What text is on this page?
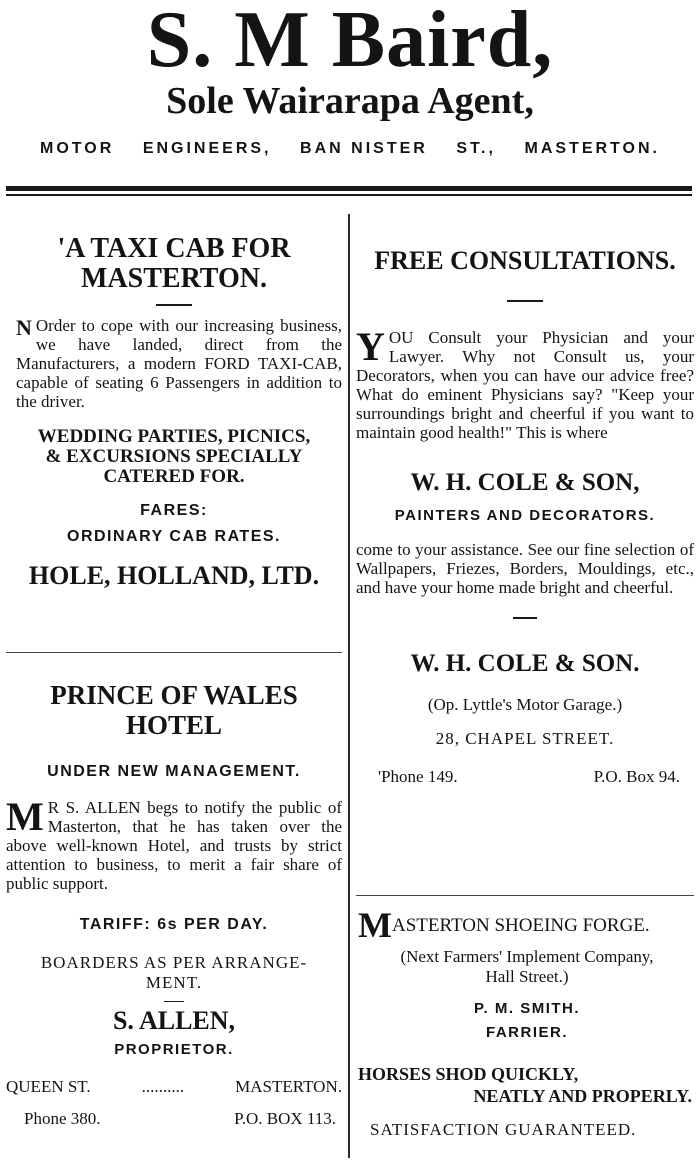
S. M Baird,
Sole Wairarapa Agent,
MOTOR ENGINEERS, BAN NISTER ST., MASTERTON.
'A TAXI CAB FOR
MASTERTON.
N Order to cope with our increasing business, we have landed, direct from the Manufacturers, a modern FORD TAXI-CAB, capable of seating 6 Passengers in addition to the driver.
WEDDING PARTIES, PICNICS,
& EXCURSIONS SPECIALLY
CATERED FOR.
FARES:
ORDINARY CAB RATES.
HOLE, HOLLAND, LTD.
PRINCE OF WALES
HOTEL
UNDER NEW MANAGEMENT.
M R S. ALLEN begs to notify the public of Masterton, that he has taken over the above well-known Hotel, and trusts by strict attention to business, to merit a fair share of public support.
TARIFF: 6s PER DAY.
BOARDERS AS PER ARRANGE-
MENT.
S. ALLEN,
PROPRIETOR.
QUEEN ST.	..........	MASTERTON.
Phone 380.	P.O. BOX 113.
FREE CONSULTATIONS.
YOU Consult your Physician and your Lawyer. Why not Consult us, your Decorators, when you can have our advice free? What do eminent Physicians say? "Keep your surroundings bright and cheerful if you want to maintain good health!" This is where
W. H. COLE & SON,
PAINTERS AND DECORATORS.
come to your assistance. See our fine selection of Wallpapers, Friezes, Borders, Mouldings, etc., and have your home made bright and cheerful.
W. H. COLE & SON.
(Op. Lyttle's Motor Garage.)
28, CHAPEL STREET.
'Phone 149.	P.O. Box 94.
MASTERTON SHOEING FORGE.
(Next Farmers' Implement Company,
Hall Street.)
P. M. SMITH.
FARRIER.
HORSES SHOD QUICKLY,
NEATLY AND PROPERLY.
SATISFACTION GUARANTEED.
